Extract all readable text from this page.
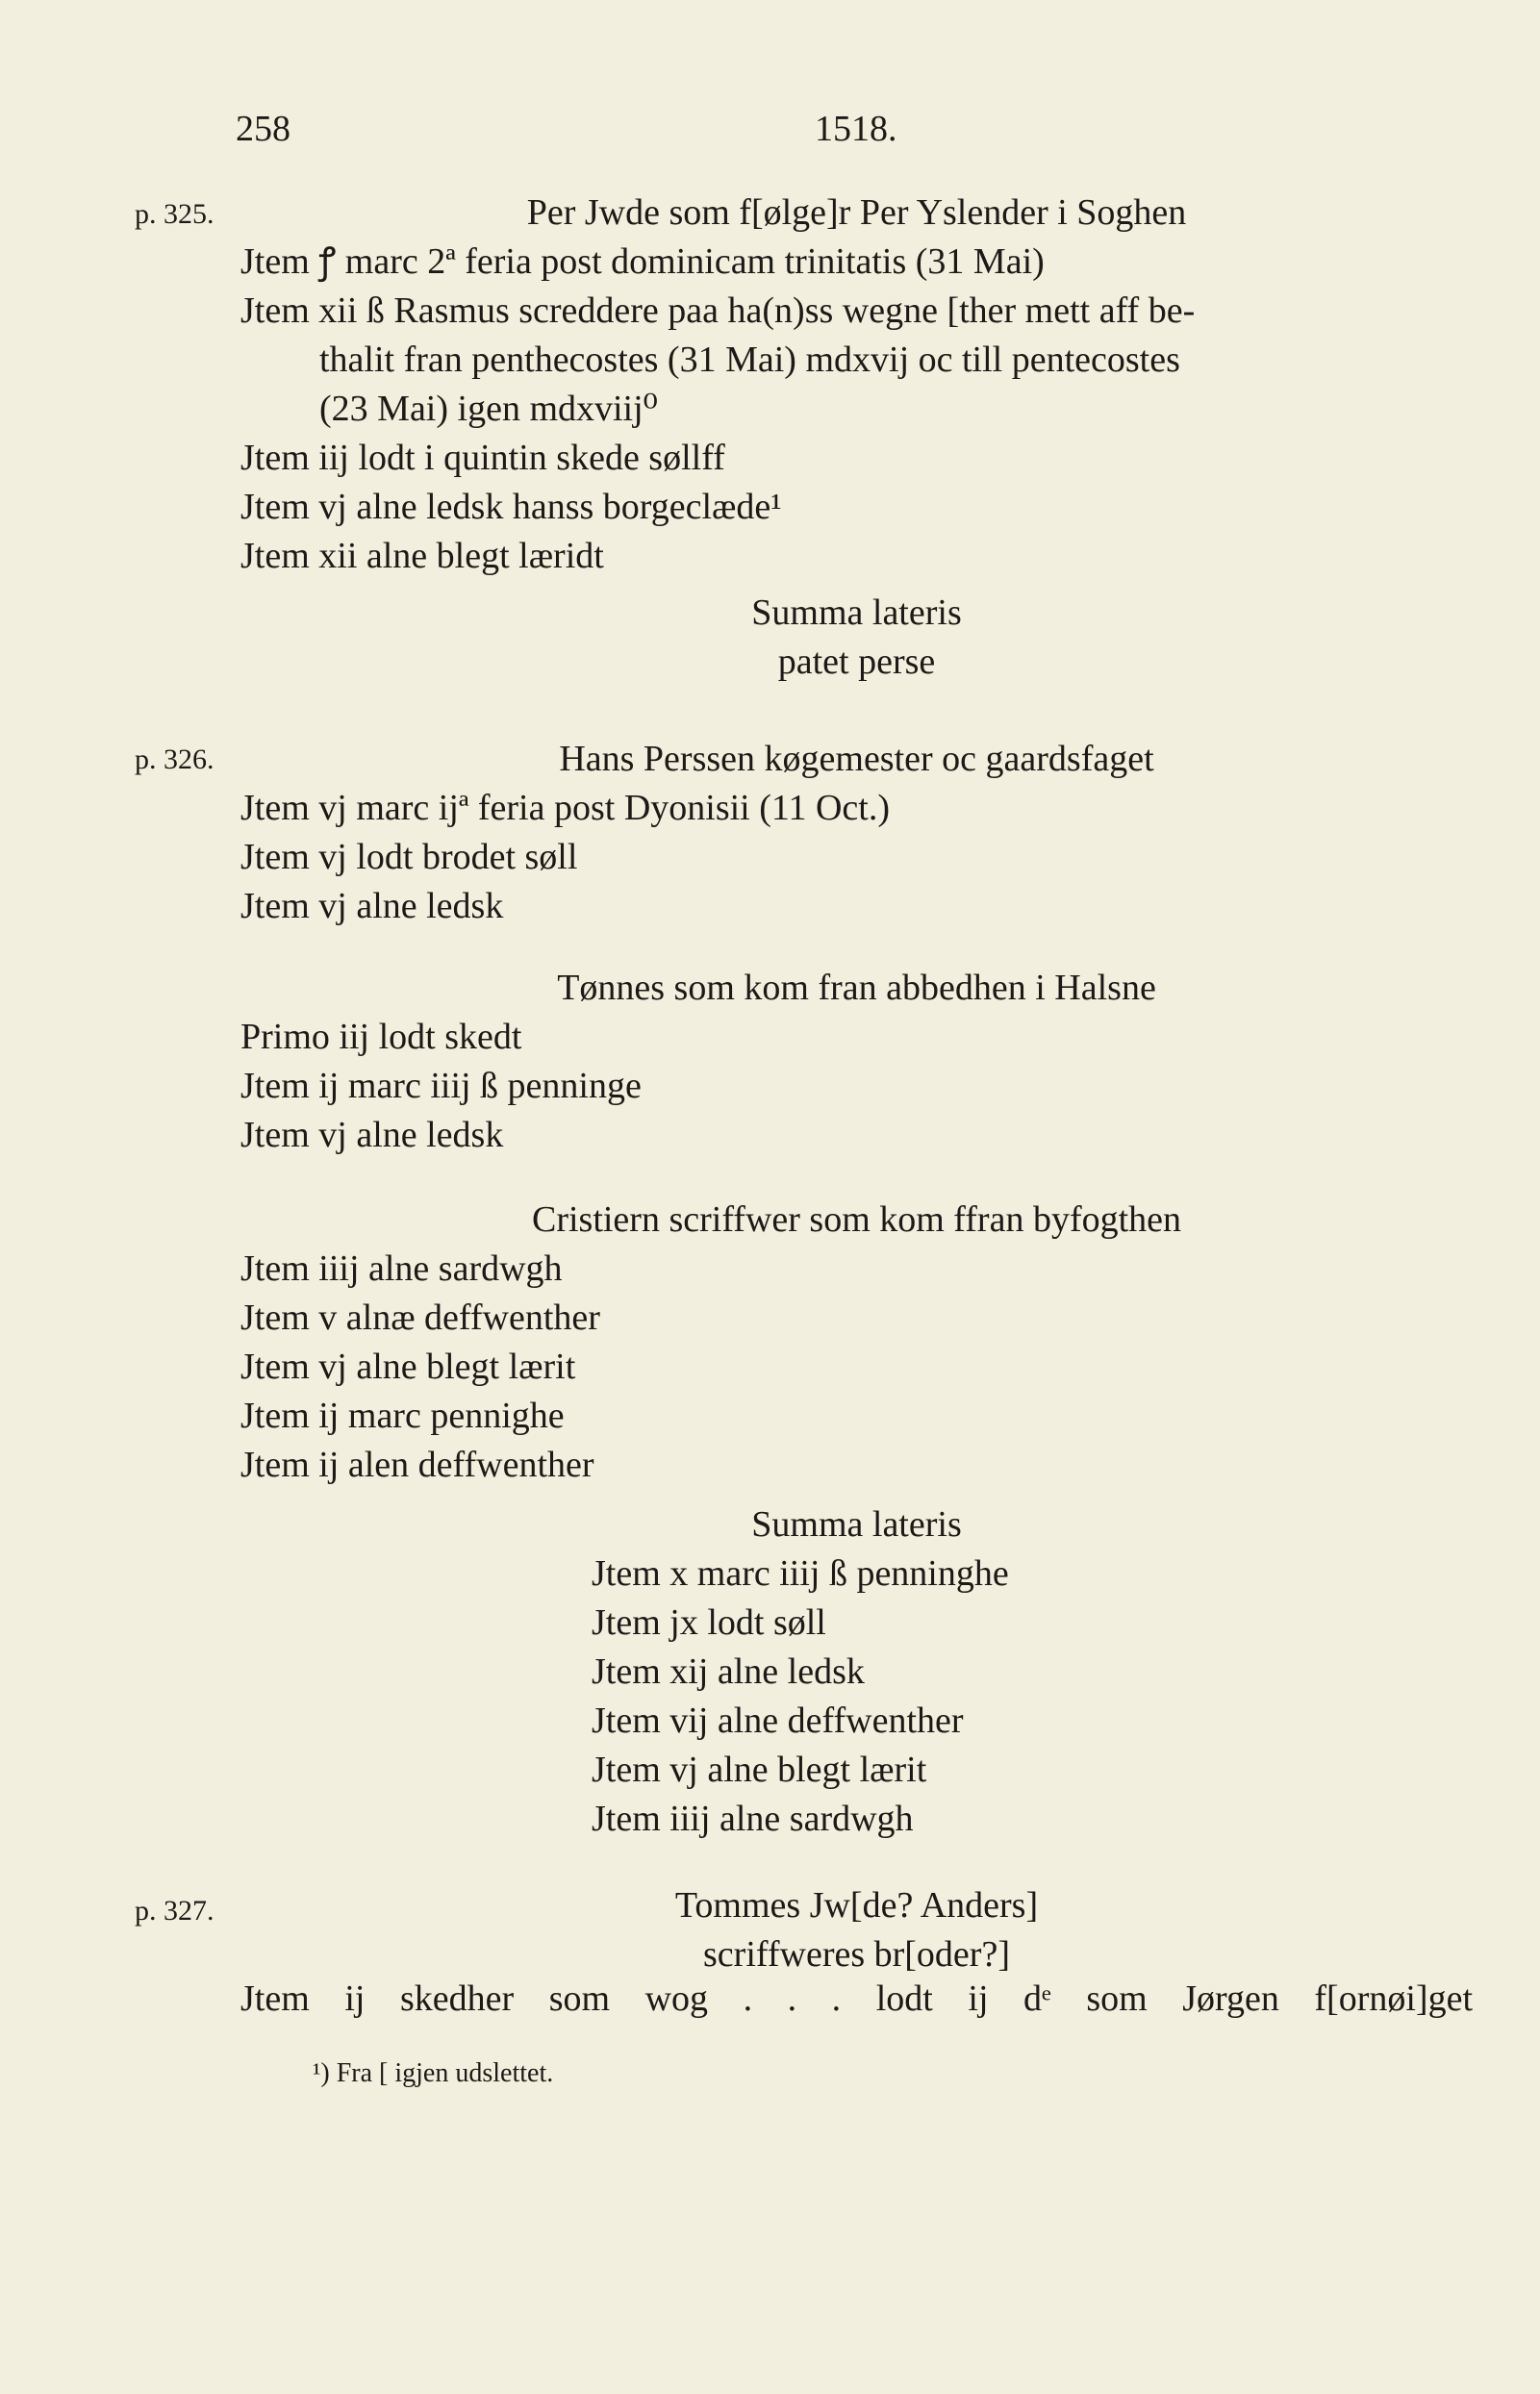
258	1518.
p. 325.
p. 326.
p. 327.
Per Jwde som f[ølge]r Per Yslender i Soghen
Jtem ꝭ marc 2ª feria post dominicam trinitatis (31 Mai)
Jtem xii ß Rasmus screddere paa ha(n)ss wegne [ther mett aff be-
thalit fran penthecostes (31 Mai) mdxvij oc till pentecostes
(23 Mai) igen mdxviij⁰
Jtem iij lodt i quintin skede søllff
Jtem vj alne ledsk hanss borgeclæde¹
Jtem xii alne blegt læridt
Summa lateris
patet perse
Hans Perssen køgemester oc gaardsfaget
Jtem vj marc ijª feria post Dyonisii (11 Oct.)
Jtem vj lodt brodet søll
Jtem vj alne ledsk
Tønnes som kom fran abbedhen i Halsne
Primo iij lodt skedt
Jtem ij marc iiij ß penninge
Jtem vj alne ledsk
Cristiern scriffwer som kom ffran byfogthen
Jtem iiij alne sardwgh
Jtem v alnæ deffwenther
Jtem vj alne blegt lærit
Jtem ij marc pennighe
Jtem ij alen deffwenther
Summa lateris
Jtem x marc iiij ß penninghe
Jtem jx lodt søll
Jtem xij alne ledsk
Jtem vij alne deffwenther
Jtem vj alne blegt lærit
Jtem iiij alne sardwgh
Tommes Jw[de? Anders]
scriffweres br[oder?]
Jtem ij skedher som wog . . . lodt ij dᵉ som Jørgen f[ornøi]get
¹) Fra [ igjen udslettet.
